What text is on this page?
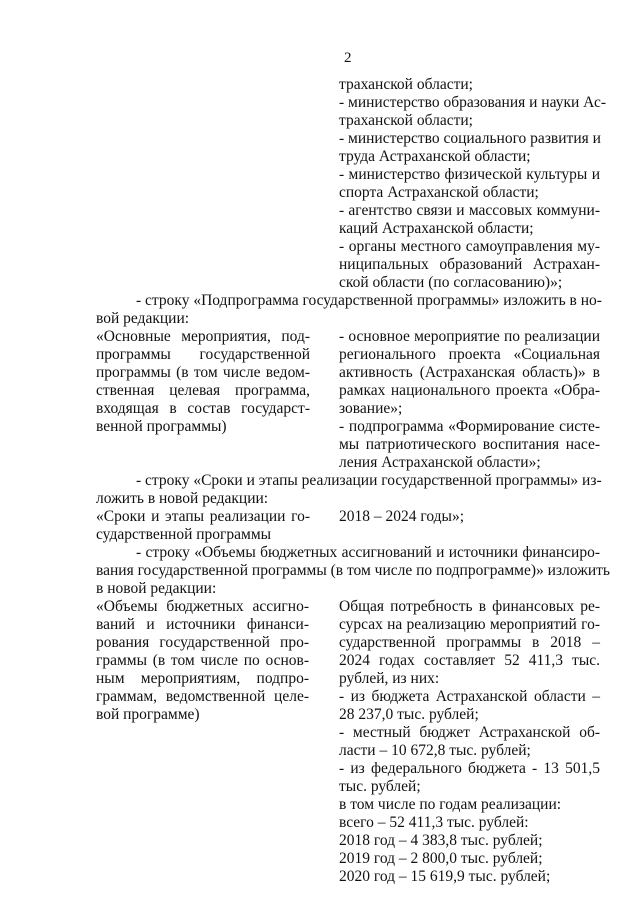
2
траханской области;
- министерство образования и науки Ас-
траханской области;
- министерство социального развития и
труда Астраханской области;
- министерство физической культуры и
спорта Астраханской области;
- агентство связи и массовых коммуни-
каций Астраханской области;
- органы местного самоуправления му-
ниципальных образований Астрахан-
ской области (по согласованию)»;
- строку «Подпрограмма государственной программы» изложить в но-
вой редакции:
«Основные мероприятия, под-
программы государственной
программы (в том числе ведом-
ственная целевая программа,
входящая в состав государст-
венной программы)
- основное мероприятие по реализации
регионального проекта «Социальная
активность (Астраханская область)» в
рамках национального проекта «Обра-
зование»;
- подпрограмма «Формирование систе-
мы патриотического воспитания насе-
ления Астраханской области»;
- строку «Сроки и этапы реализации государственной программы» из-
ложить в новой редакции:
«Сроки и этапы реализации го-
сударственной программы
2018 – 2024 годы»;
- строку «Объемы бюджетных ассигнований и источники финансиро-
вания государственной программы (в том числе по подпрограмме)» изложить
в новой редакции:
«Объемы бюджетных ассигно-
ваний и источники финанси-
рования государственной про-
граммы (в том числе по основ-
ным мероприятиям, подпро-
граммам, ведомственной целе-
вой программе)
Общая потребность в финансовых ре-
сурсах на реализацию мероприятий го-
сударственной программы в 2018 –
2024 годах составляет 52 411,3 тыс.
рублей, из них:
- из бюджета Астраханской области –
28 237,0 тыс. рублей;
- местный бюджет Астраханской об-
ласти – 10 672,8 тыс. рублей;
- из федерального бюджета - 13 501,5
тыс. рублей;
в том числе по годам реализации:
всего – 52 411,3 тыс. рублей:
2018 год – 4 383,8 тыс. рублей;
2019 год – 2 800,0 тыс. рублей;
2020 год – 15 619,9 тыс. рублей;
